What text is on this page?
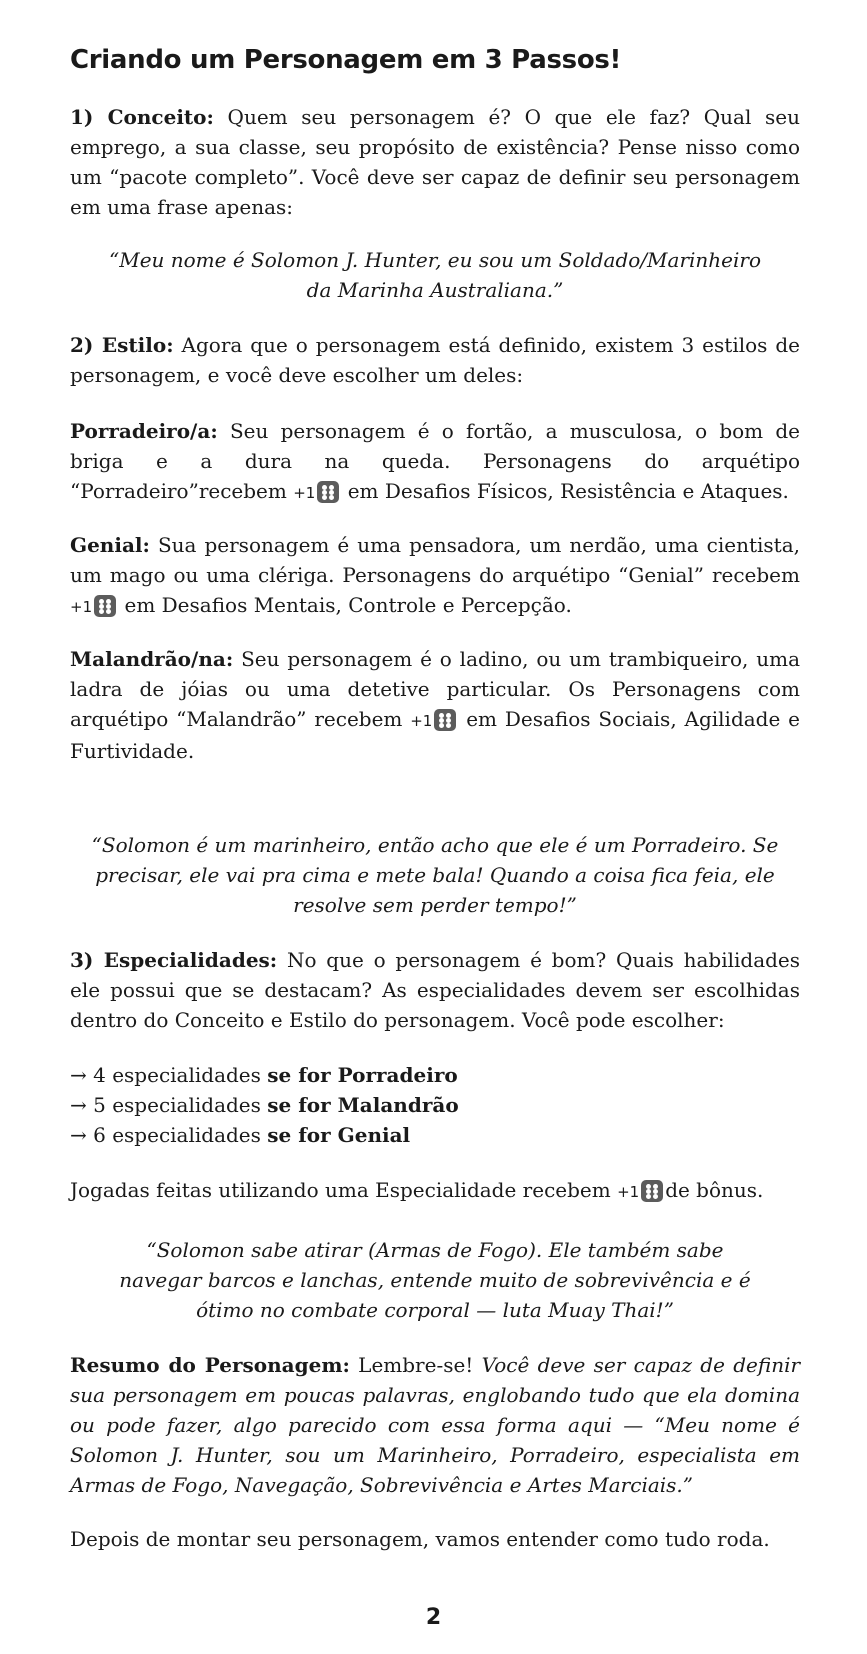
Criando um Personagem em 3 Passos!

1) Conceito: Quem seu personagem é? O que ele faz? Qual seu emprego, a sua classe, seu propósito de existência? Pense nisso como um “pacote completo”. Você deve ser capaz de definir seu personagem em uma frase apenas:

“Meu nome é Solomon J. Hunter, eu sou um Soldado/Marinheiro
da Marinha Australiana.”

2) Estilo: Agora que o personagem está definido, existem 3 estilos de personagem, e você deve escolher um deles:

Porradeiro/a: Seu personagem é o fortão, a musculosa, o bom de briga e a dura na queda. Personagens do arquétipo “Porradeiro”recebem +1 em Desafios Físicos, Resistência e Ataques.

Genial: Sua personagem é uma pensadora, um nerdão, uma cientista, um mago ou uma clériga. Personagens do arquétipo “Genial” recebem +1 em Desafios Mentais, Controle e Percepção.

Malandrão/na: Seu personagem é o ladino, ou um trambiqueiro, uma ladra de jóias ou uma detetive particular. Os Personagens com arquétipo “Malandrão” recebem +1 em Desafios Sociais, Agilidade e Furtividade.

“Solomon é um marinheiro, então acho que ele é um Porradeiro. Se
precisar, ele vai pra cima e mete bala! Quando a coisa fica feia, ele
resolve sem perder tempo!”

3) Especialidades: No que o personagem é bom? Quais habilidades ele possui que se destacam? As especialidades devem ser escolhidas dentro do Conceito e Estilo do personagem. Você pode escolher:

→ 4 especialidades se for Porradeiro
→ 5 especialidades se for Malandrão
→ 6 especialidades se for Genial

Jogadas feitas utilizando uma Especialidade recebem +1 de bônus.

“Solomon sabe atirar (Armas de Fogo). Ele também sabe
navegar barcos e lanchas, entende muito de sobrevivência e é
ótimo no combate corporal — luta Muay Thai!”

Resumo do Personagem: Lembre-se! Você deve ser capaz de definir sua personagem em poucas palavras, englobando tudo que ela domina ou pode fazer, algo parecido com essa forma aqui — “Meu nome é Solomon J. Hunter, sou um Marinheiro, Porradeiro, especialista em Armas de Fogo, Navegação, Sobrevivência e Artes Marciais.”

Depois de montar seu personagem, vamos entender como tudo roda.

2
